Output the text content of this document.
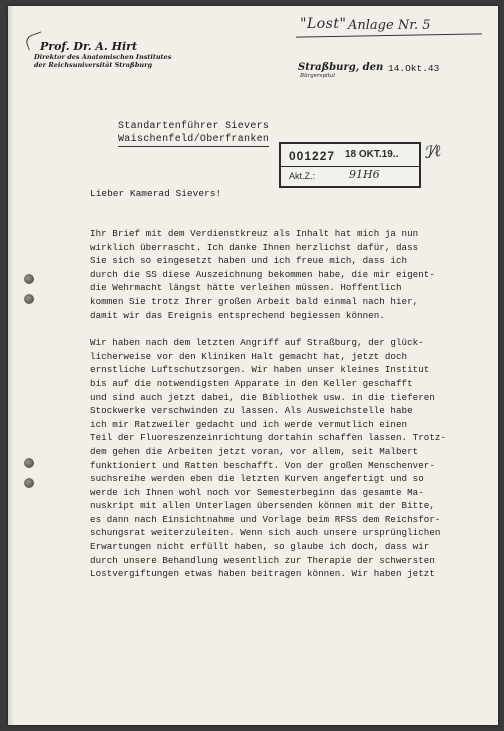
"Lost" Anlage Nr. 5
Prof. Dr. A. Hirt
Direktor des Anatomischen Institutes
der Reichsuniversität Straßburg	Straßburg, den
Bürgerspital
14.Okt.43
Standartenführer Sievers
Waischenfeld/Oberfranken
001227 18 OKT.19..
Akt.Z.:	91H6
ℐ⁄ℓ
Lieber Kamerad Sievers!

Ihr Brief mit dem Verdienstkreuz als Inhalt hat mich ja nun

wirklich überrascht. Ich danke Ihnen herzlichst dafür, dass

Sie sich so eingesetzt haben und ich freue mich, dass ich

durch die SS diese Auszeichnung bekommen habe, die mir eigent-

die Wehrmacht längst hätte verleihen müssen. Hoffentlich

kommen Sie trotz Ihrer großen Arbeit bald einmal nach hier,

damit wir das Ereignis entsprechend begiessen können.

Wir haben nach dem letzten Angriff auf Straßburg, der glück-

licherweise vor den Kliniken Halt gemacht hat, jetzt doch

ernstliche Luftschutzsorgen. Wir haben unser kleines Institut

bis auf die notwendigsten Apparate in den Keller geschafft

und sind auch jetzt dabei, die Bibliothek usw. in die tieferen

Stockwerke verschwinden zu lassen. Als Ausweichstelle habe

ich mir Ratzweiler gedacht und ich werde vermutlich einen

Teil der Fluoreszenzeinrichtung dortahin schaffen lassen. Trotz-

dem gehen die Arbeiten jetzt voran, vor allem, seit Malbert

funktioniert und Ratten beschafft. Von der großen Menschenver-

suchsreihe werden eben die letzten Kurven angefertigt und so

werde ich Ihnen wohl noch vor Semesterbeginn das gesamte Ma-

nuskript mit allen Unterlagen übersenden können mit der Bitte,

es dann nach Einsichtnahme und Vorlage beim RFSS dem Reichsfor-

schungsrat weiterzuleiten. Wenn sich auch unsere ursprünglichen

Erwartungen nicht erfüllt haben, so glaube ich doch, dass wir

durch unsere Behandlung wesentlich zur Therapie der schwersten

Lostvergiftungen etwas haben beitragen können. Wir haben jetzt
